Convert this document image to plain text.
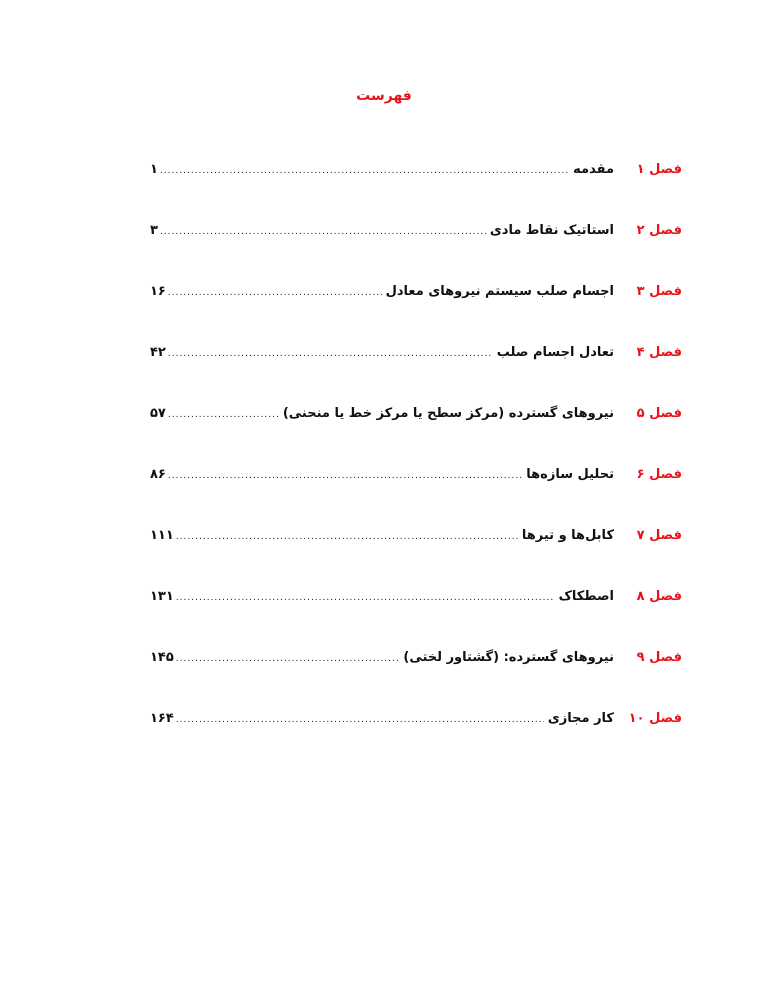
فهرست
فصل ۱
مقدمه
.....
۱
فصل ۲
استاتیک نقاط مادی
.....
۳
فصل ۳
اجسام صلب سیستم نیروهای معادل
.....
۱۶
فصل ۴
تعادل اجسام صلب
.....
۴۲
فصل ۵
نیروهای گسترده (مرکز سطح یا مرکز خط یا منحنی)
.....
۵۷
فصل ۶
تحلیل سازه‌ها
.....
۸۶
فصل ۷
کابل‌ها و تیرها
.....
۱۱۱
فصل ۸
اصطکاک
.....
۱۳۱
فصل ۹
نیروهای گسترده: (گشتاور لختی)
.....
۱۴۵
فصل ۱۰
کار مجازی
.....
۱۶۴
